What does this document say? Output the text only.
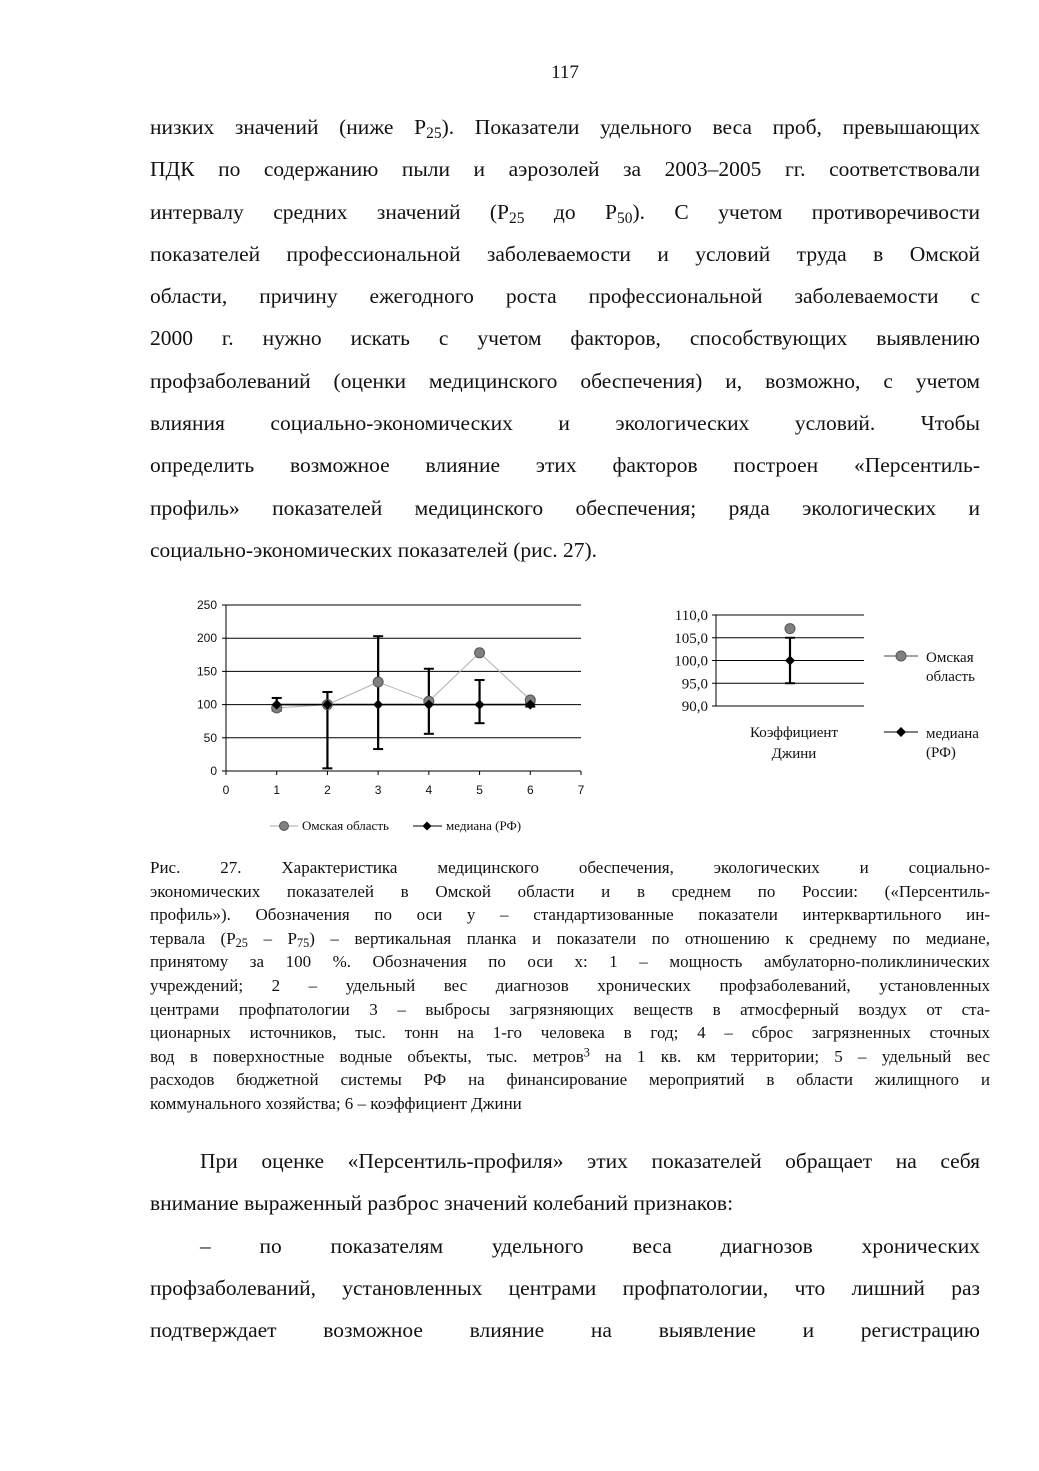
117
низких значений (ниже $P_{25}$). Показатели удельного веса проб, превышающих
ПДК по содержанию пыли и аэрозолей за 2003–2005 гг. соответствовали
интервалу средних значений ($P_{25}$ до $P_{50}$). С учетом противоречивости
показателей профессиональной заболеваемости и условий труда в Омской
области, причину ежегодного роста профессиональной заболеваемости с
2000 г. нужно искать с учетом факторов, способствующих выявлению
профзаболеваний (оценки медицинского обеспечения) и, возможно, с учетом
влияния социально-экономических и экологических условий. Чтобы
определить возможное влияние этих факторов построен «Персентиль-
профиль» показателей медицинского обеспечения; ряда экологических и
социально-экономических показателей (рис. 27).
0
50
100
150
200
250
0	1	2	3	4	5	6	7
Омская область	медиана (РФ)
90,0
95,0
100,0
105,0
110,0
Коэффициент
Джини
Омская
область
медиана
(РФ)
Рис. 27. Характеристика медицинского обеспечения, экологических и социально-
экономических показателей в Омской области и в среднем по России: («Персентиль-
профиль»). Обозначения по оси у – стандартизованные показатели интерквартильного ин-
тервала $(P_{25} - P_{75})$ – вертикальная планка и показатели по отношению к среднему по медиане,
принятому за 100 %. Обозначения по оси x: 1 – мощность амбулаторно-поликлинических
учреждений; 2 – удельный вес диагнозов хронических профзаболеваний, установленных
центрами профпатологии 3 – выбросы загрязняющих веществ в атмосферный воздух от ста-
ционарных источников, тыс. тонн на 1-го человека в год; 4 – сброс загрязненных сточных
вод в поверхностные водные объекты, тыс. метров$^3$ на 1 кв. км территории; 5 – удельный вес
расходов бюджетной системы РФ на финансирование мероприятий в области жилищного и
коммунального хозяйства; 6 – коэффициент Джини
При оценке «Персентиль-профиля» этих показателей обращает на себя
внимание выраженный разброс значений колебаний признаков:
– по показателям удельного веса диагнозов хронических
профзаболеваний, установленных центрами профпатологии, что лишний раз
подтверждает возможное влияние на выявление и регистрацию
